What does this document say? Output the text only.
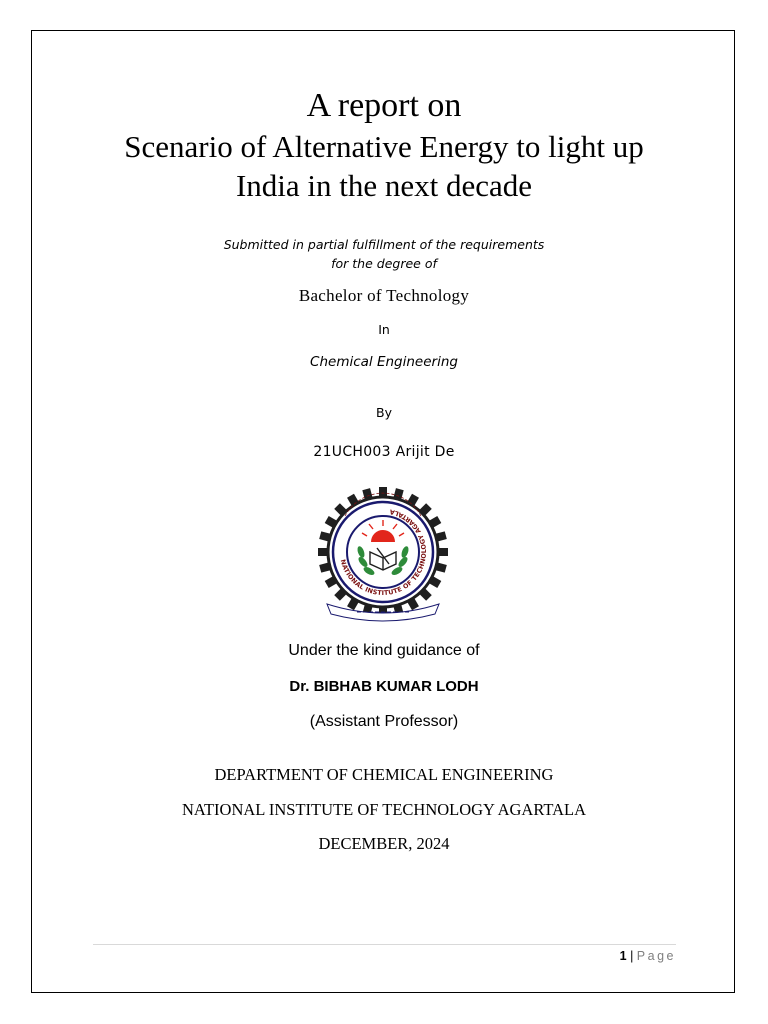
A report on
Scenario of Alternative Energy to light up
India in the next decade
Submitted in partial fulfillment of the requirements
for the degree of
Bachelor of Technology
In
Chemical Engineering
By
21UCH003 Arijit De
NATIONAL INSTITUTE OF TECHNOLOGY AGARTALA
Under the kind guidance of
Dr. BIBHAB KUMAR LODH
(Assistant Professor)
DEPARTMENT OF CHEMICAL ENGINEERING
NATIONAL INSTITUTE OF TECHNOLOGY AGARTALA
DECEMBER, 2024
1 | Page
